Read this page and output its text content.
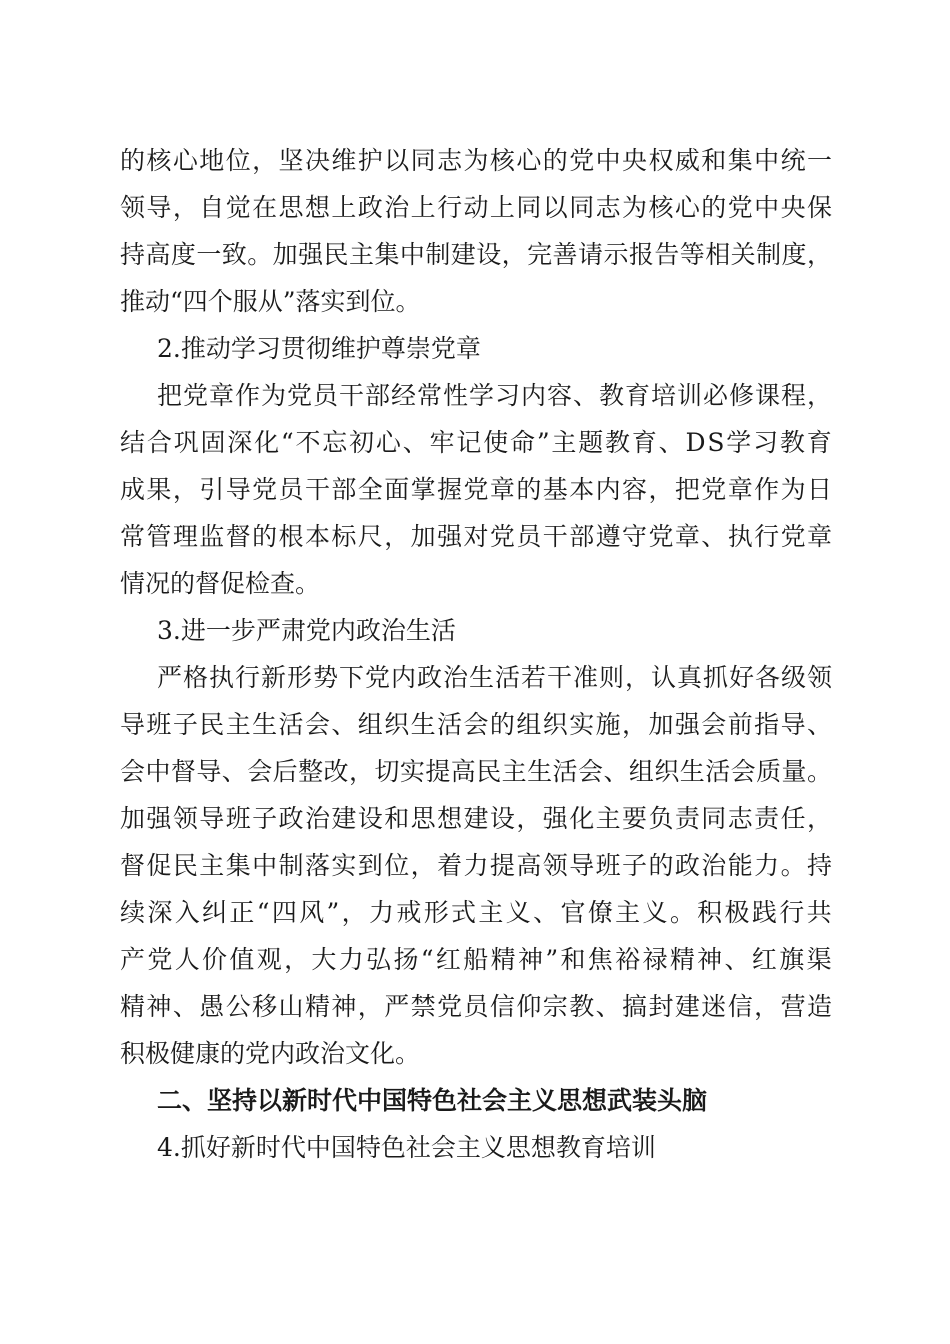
的核心地位，坚决维护以同志为核心的党中央权威和集中统一
领导，自觉在思想上政治上行动上同以同志为核心的党中央保
持高度一致。加强民主集中制建设，完善请示报告等相关制度，
推动“四个服从”落实到位。
2.推动学习贯彻维护尊崇党章
把党章作为党员干部经常性学习内容、教育培训必修课程，
结合巩固深化“不忘初心、牢记使命”主题教育、DS学习教育
成果，引导党员干部全面掌握党章的基本内容，把党章作为日
常管理监督的根本标尺，加强对党员干部遵守党章、执行党章
情况的督促检查。
3.进一步严肃党内政治生活
严格执行新形势下党内政治生活若干准则，认真抓好各级领
导班子民主生活会、组织生活会的组织实施，加强会前指导、
会中督导、会后整改，切实提高民主生活会、组织生活会质量。
加强领导班子政治建设和思想建设，强化主要负责同志责任，
督促民主集中制落实到位，着力提高领导班子的政治能力。持
续深入纠正“四风”，力戒形式主义、官僚主义。积极践行共
产党人价值观，大力弘扬“红船精神”和焦裕禄精神、红旗渠
精神、愚公移山精神，严禁党员信仰宗教、搞封建迷信，营造
积极健康的党内政治文化。
二、坚持以新时代中国特色社会主义思想武装头脑
4.抓好新时代中国特色社会主义思想教育培训
